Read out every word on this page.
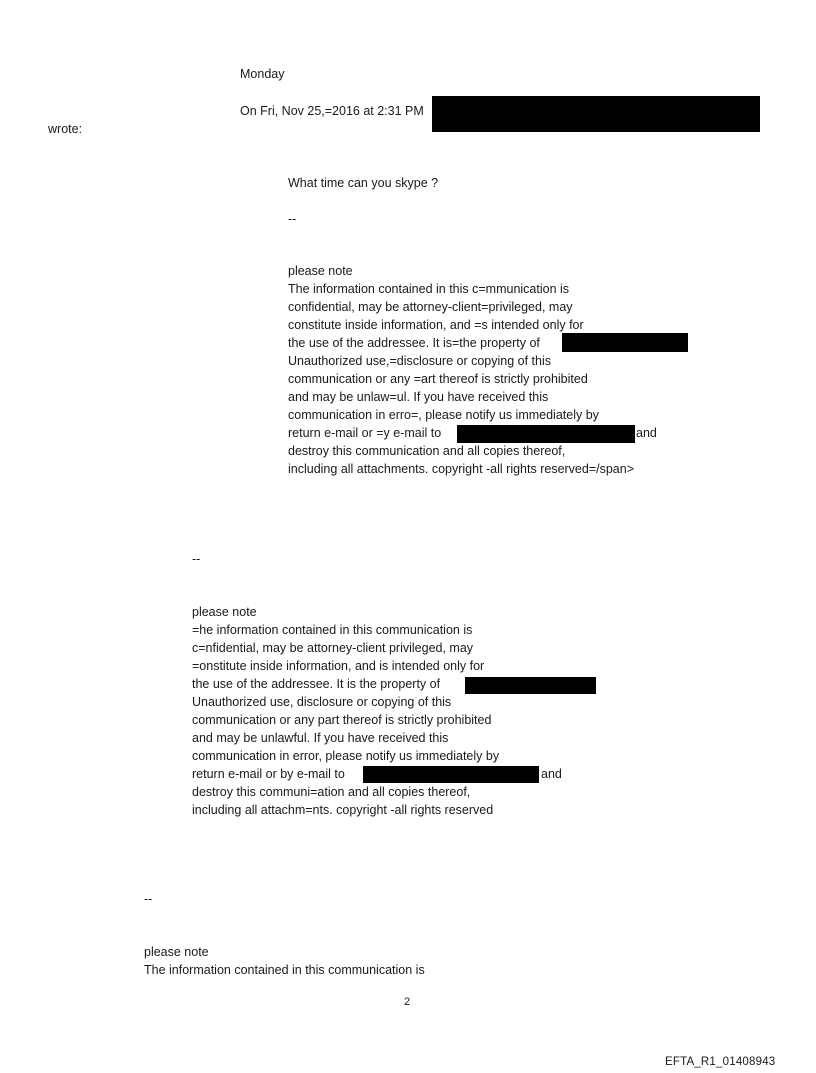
Monday
On Fri, Nov 25,=2016 at 2:31 PM
wrote:
What time can you skype ?
--
please note
The information contained in this c=mmunication is
confidential, may be attorney-client=privileged, may
constitute inside information, and =s intended only for
the use of the addressee. It is=the property of
Unauthorized use,=disclosure or copying of this
communication or any =art thereof is strictly prohibited
and may be unlaw=ul. If you have received this
communication in erro=, please notify us immediately by
return e-mail or =y e-mail to	and
destroy this communication and all copies thereof,
including all attachments. copyright -all rights reserved=/span>
--
please note
=he information contained in this communication is
c=nfidential, may be attorney-client privileged, may
=onstitute inside information, and is intended only for
the use of the addressee. It is the property of
Unauthorized use, disclosure or copying of this
communication or any part thereof is strictly prohibited
and may be unlawful. If you have received this
communication in error, please notify us immediately by
return e-mail or by e-mail to	and
destroy this communi=ation and all copies thereof,
including all attachm=nts. copyright -all rights reserved
--
please note
The information contained in this communication is
2
EFTA_R1_01408943
